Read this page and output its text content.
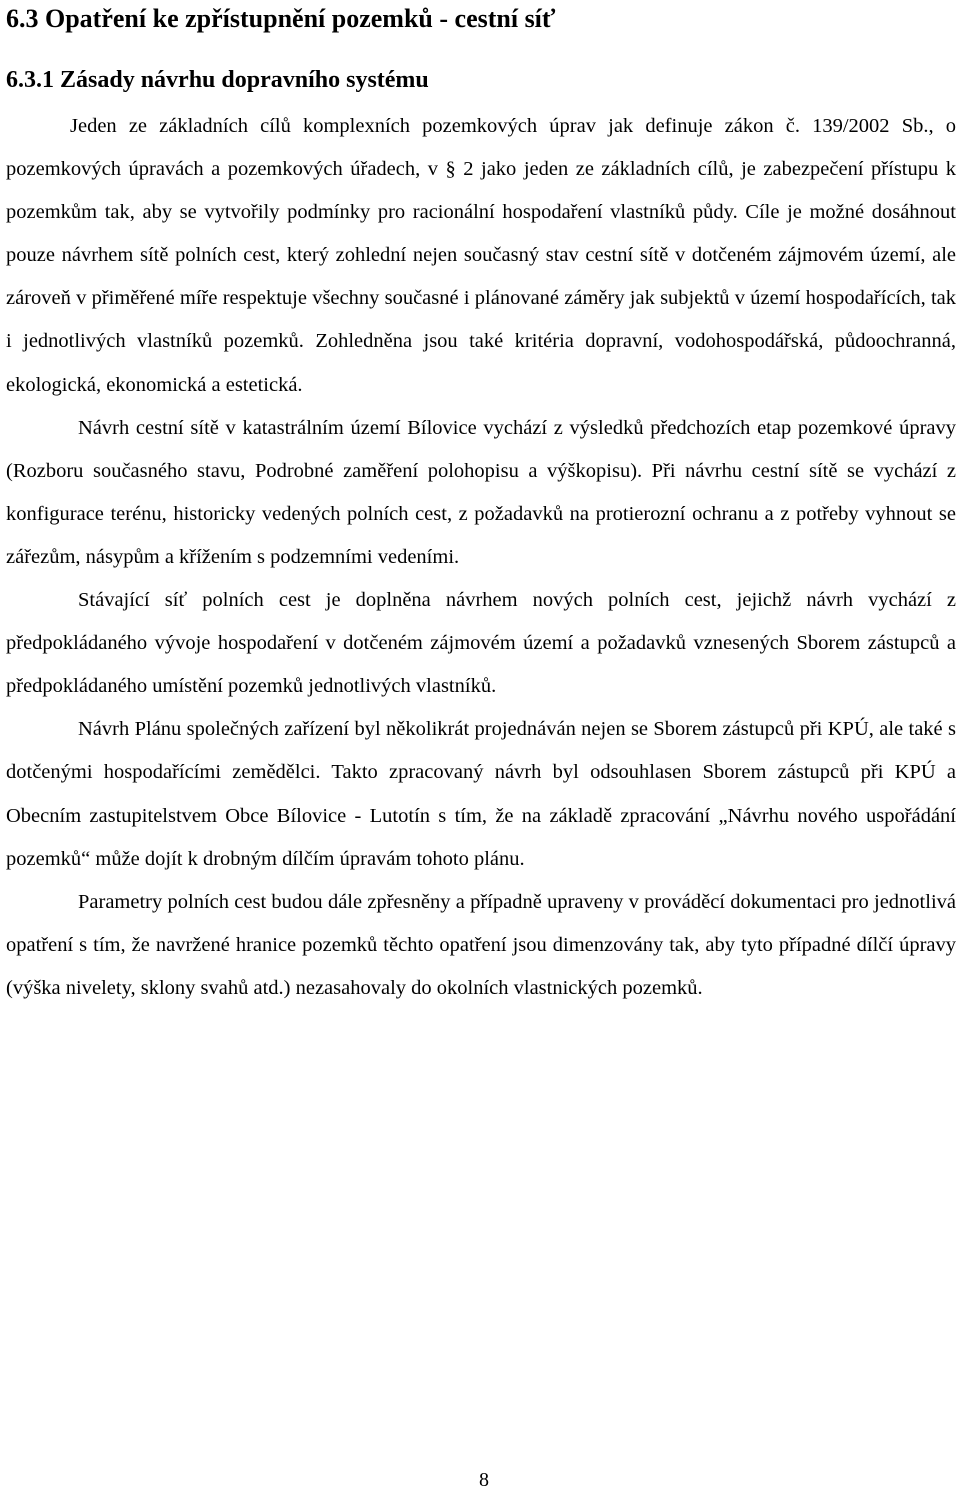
6.3 Opatření ke zpřístupnění pozemků - cestní síť
6.3.1 Zásady návrhu dopravního systému

Jeden ze základních cílů komplexních pozemkových úprav jak definuje zákon č. 139/2002 Sb., o pozemkových úpravách a pozemkových úřadech, v § 2 jako jeden ze základních cílů, je zabezpečení přístupu k pozemkům tak, aby se vytvořily podmínky pro racionální hospodaření vlastníků půdy. Cíle je možné dosáhnout pouze návrhem sítě polních cest, který zohlední nejen současný stav cestní sítě v dotčeném zájmovém území, ale zároveň v přiměřené míře respektuje všechny současné i plánované záměry jak subjektů v území hospodařících, tak i jednotlivých vlastníků pozemků. Zohledněna jsou také kritéria dopravní, vodohospodářská, půdoochranná, ekologická, ekonomická a estetická.

Návrh cestní sítě v katastrálním území Bílovice vychází z výsledků předchozích etap pozemkové úpravy (Rozboru současného stavu, Podrobné zaměření polohopisu a výškopisu). Při návrhu cestní sítě se vychází z konfigurace terénu, historicky vedených polních cest, z požadavků na protierozní ochranu a z potřeby vyhnout se zářezům, násypům a křížením s podzemními vedeními.

Stávající síť polních cest je doplněna návrhem nových polních cest, jejichž návrh vychází z předpokládaného vývoje hospodaření v dotčeném zájmovém území a požadavků vznesených Sborem zástupců a předpokládaného umístění pozemků jednotlivých vlastníků.

Návrh Plánu společných zařízení byl několikrát projednáván nejen se Sborem zástupců při KPÚ, ale také s dotčenými hospodařícími zemědělci. Takto zpracovaný návrh byl odsouhlasen Sborem zástupců při KPÚ a Obecním zastupitelstvem Obce Bílovice - Lutotín s tím, že na základě zpracování „Návrhu nového uspořádání pozemků“ může dojít k drobným dílčím úpravám tohoto plánu.

Parametry polních cest budou dále zpřesněny a případně upraveny v prováděcí dokumentaci pro jednotlivá opatření s tím, že navržené hranice pozemků těchto opatření jsou dimenzovány tak, aby tyto případné dílčí úpravy (výška nivelety, sklony svahů atd.) nezasahovaly do okolních vlastnických pozemků.

8
